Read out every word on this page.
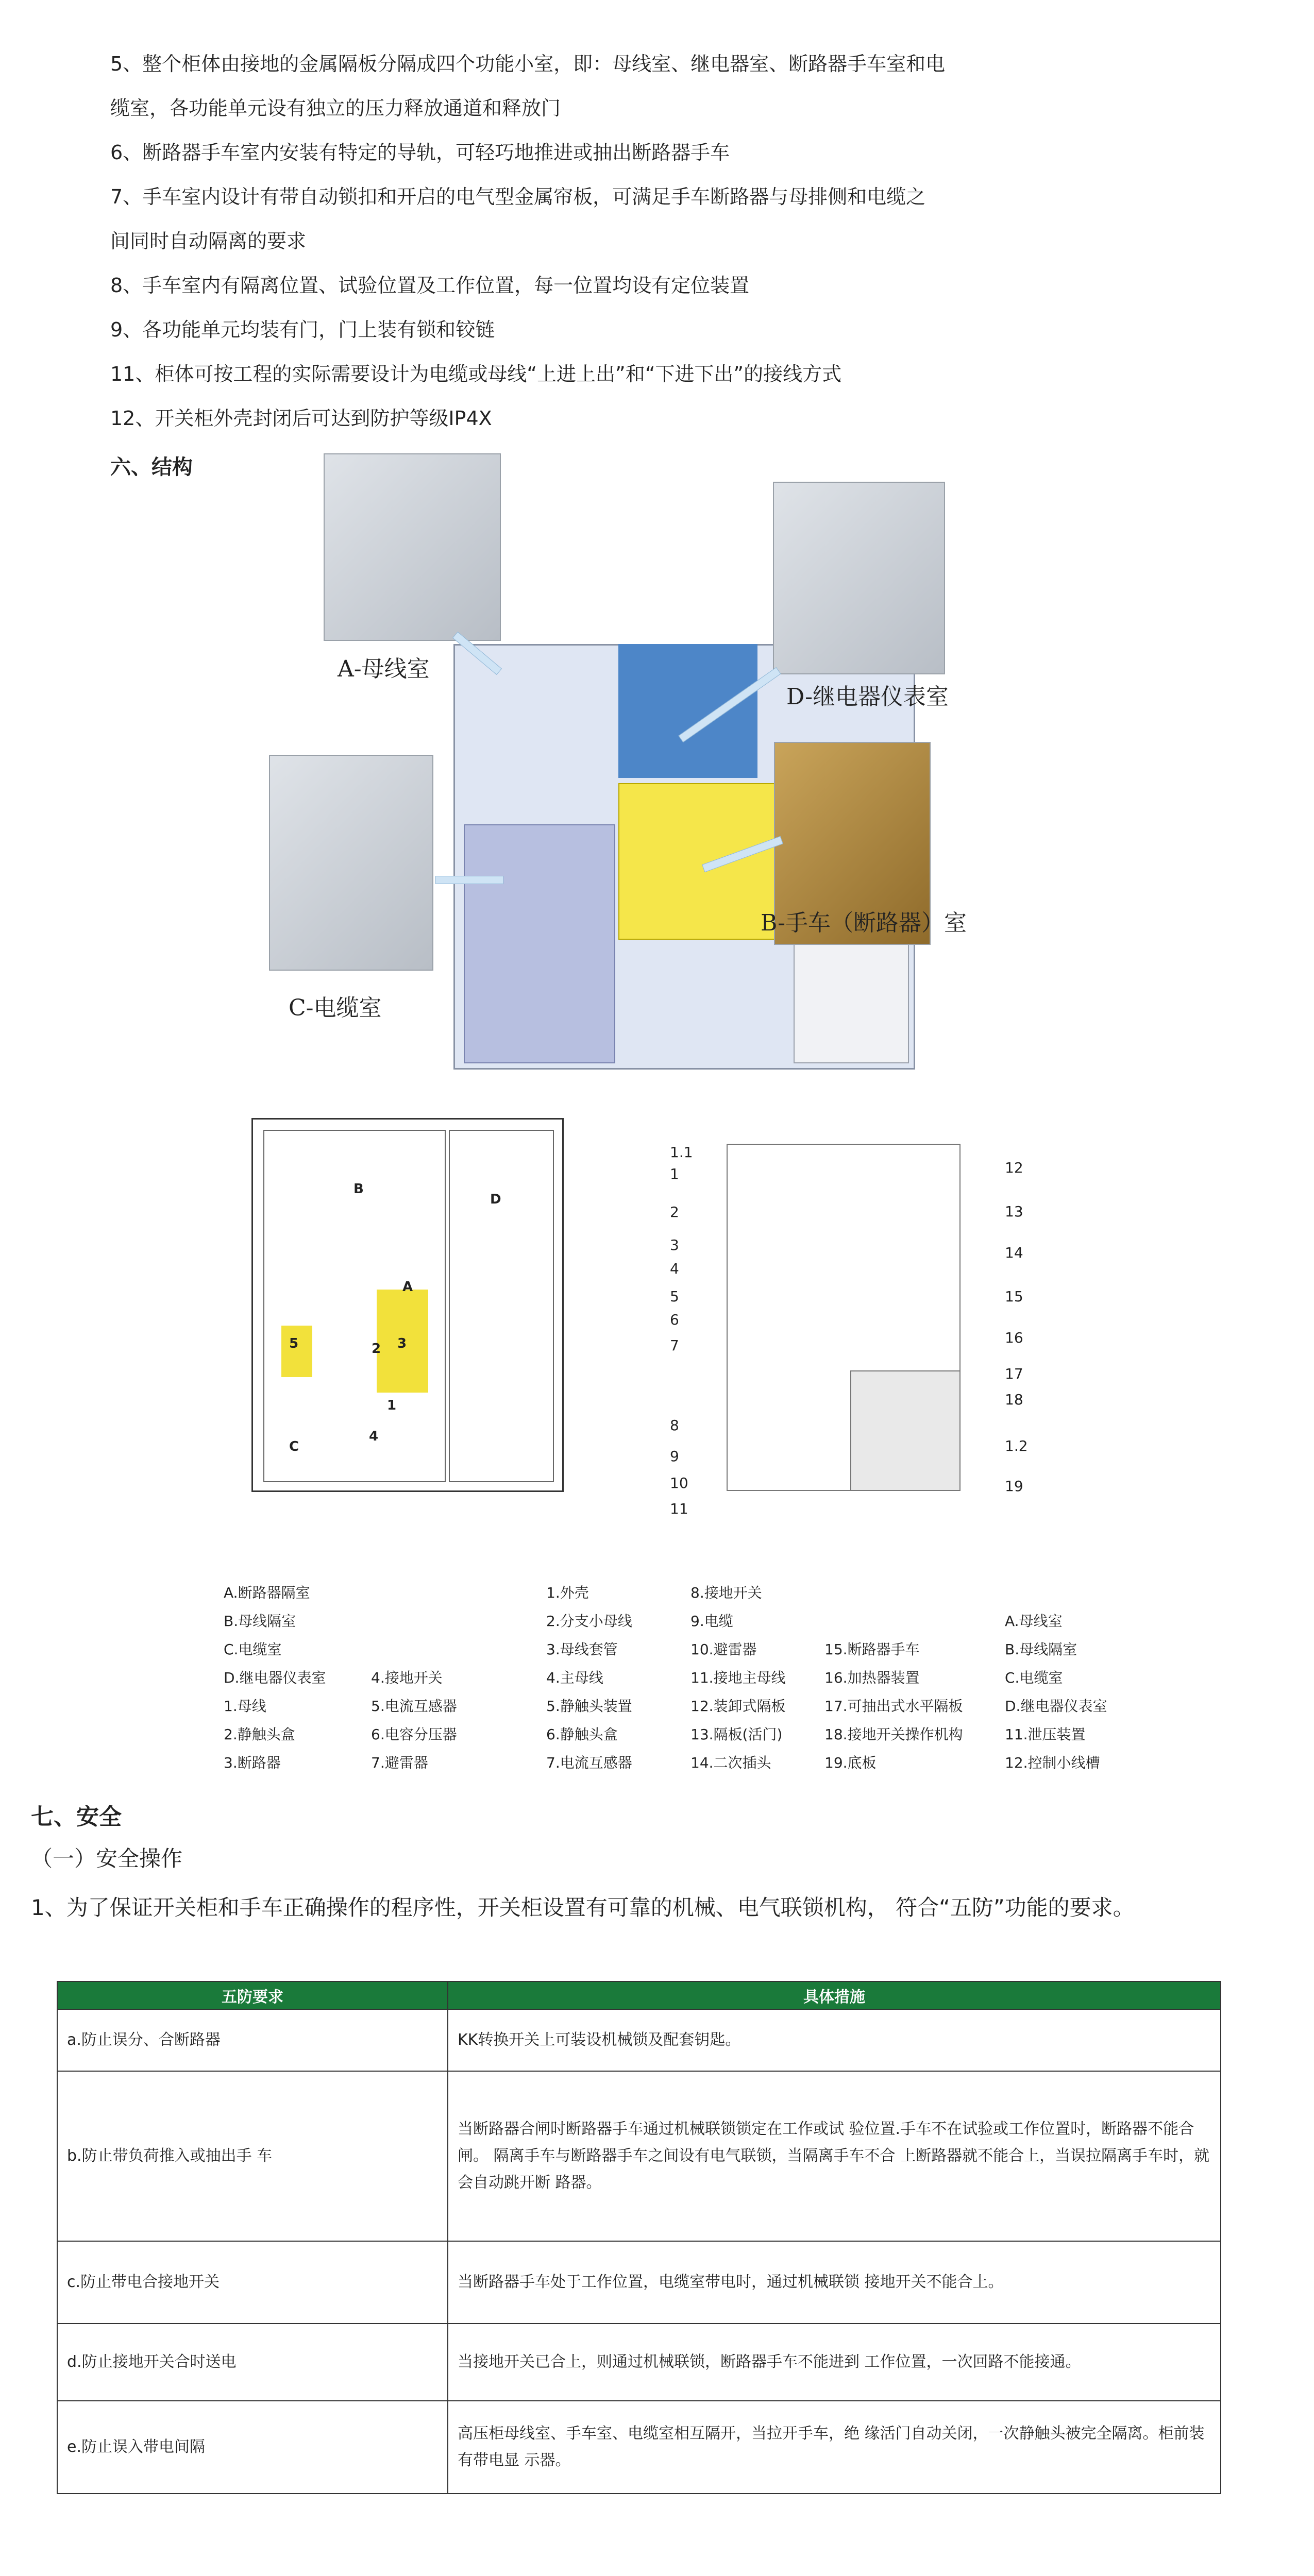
5、整个柜体由接地的金属隔板分隔成四个功能小室，即：母线室、继电器室、断路器手车室和电
缆室，各功能单元设有独立的压力释放通道和释放门
6、断路器手车室内安装有特定的导轨，可轻巧地推进或抽出断路器手车
7、手车室内设计有带自动锁扣和开启的电气型金属帘板，可满足手车断路器与母排侧和电缆之
间同时自动隔离的要求
8、手车室内有隔离位置、试验位置及工作位置，每一位置均设有定位装置
9、各功能单元均装有门，门上装有锁和铰链
11、柜体可按工程的实际需要设计为电缆或母线“上进上出”和“下进下出”的接线方式
12、开关柜外壳封闭后可达到防护等级IP4X
六、结构
A-母线室
D-继电器仪表室
C-电缆室
B-手车（断路器）室
B
D
A
5	2 3
1
4
C
1.1
1
2
3
4
5
6
7
8
9
10
11
12
13
14
15
16
17
18
1.2
19
A.断路器隔室
B.母线隔室
C.电缆室
D.继电器仪表室
1.母线
2.静触头盒
3.断路器
4.接地开关
5.电流互感器
6.电容分压器
7.避雷器
1.外壳
2.分支小母线
3.母线套管
4.主母线
5.静触头装置
6.静触头盒
7.电流互感器
8.接地开关
9.电缆
10.避雷器
11.接地主母线
12.装卸式隔板
13.隔板(活门)
14.二次插头
15.断路器手车
16.加热器装置
17.可抽出式水平隔板
18.接地开关操作机构
19.底板
A.母线室
B.母线隔室
C.电缆室
D.继电器仪表室
11.泄压装置
12.控制小线槽
七、安全
（一）安全操作
1、为了保证开关柜和手车正确操作的程序性，开关柜设置有可靠的机械、电气联锁机构， 符合“五防”功能的要求。
五防要求	具体措施
a.防止误分、合断路器	KK转换开关上可装设机械锁及配套钥匙。
b.防止带负荷推入或抽出手 车	当断路器合闸时断路器手车通过机械联锁锁定在工作或试 验位置.手车不在试验或工作位置时，断路器不能合闸。 隔离手车与断路器手车之间设有电气联锁，当隔离手车不合 上断路器就不能合上，当误拉隔离手车时，就会自动跳开断 路器。
c.防止带电合接地开关	当断路器手车处于工作位置，电缆室带电时，通过机械联锁 接地开关不能合上。
d.防止接地开关合时送电	当接地开关已合上，则通过机械联锁，断路器手车不能进到 工作位置，一次回路不能接通。
e.防止误入带电间隔	高压柜母线室、手车室、电缆室相互隔开，当拉开手车，绝 缘活门自动关闭，一次静触头被完全隔离。柜前装有带电显 示器。
